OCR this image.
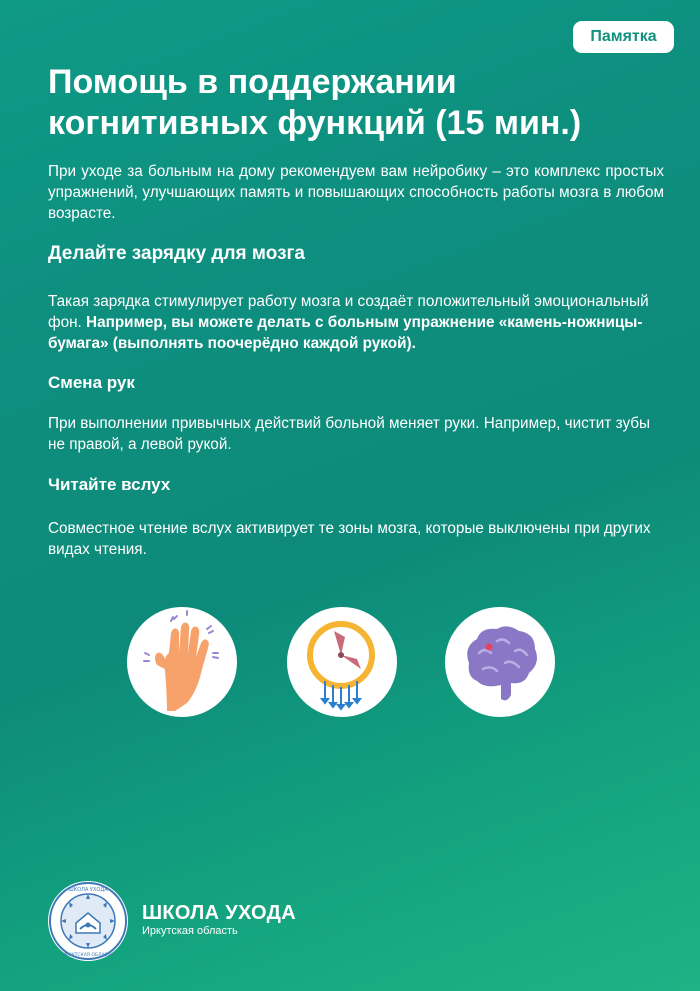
Памятка
Помощь в поддержании когнитивных функций (15 мин.)

При уходе за больным на дому рекомендуем вам нейробику – это комплекс простых упражнений, улучшающих память и повышающих способность работы мозга в любом возрасте.

Делайте зарядку для мозга

Такая зарядка стимулирует работу мозга и создаёт положительный эмоциональный фон. Например, вы можете делать с больным упражнение «камень-ножницы-бумага» (выполнять поочерёдно каждой рукой).

Смена рук

При выполнении привычных действий больной меняет руки. Например, чистит зубы не правой, а левой рукой.

Читайте вслух

Совместное чтение вслух активирует те зоны мозга, которые выключены при других видах чтения.

ШКОЛА УХОДА
ИРКУТСКАЯ ОБЛАСТЬ
ШКОЛА УХОДА
Иркутская область
